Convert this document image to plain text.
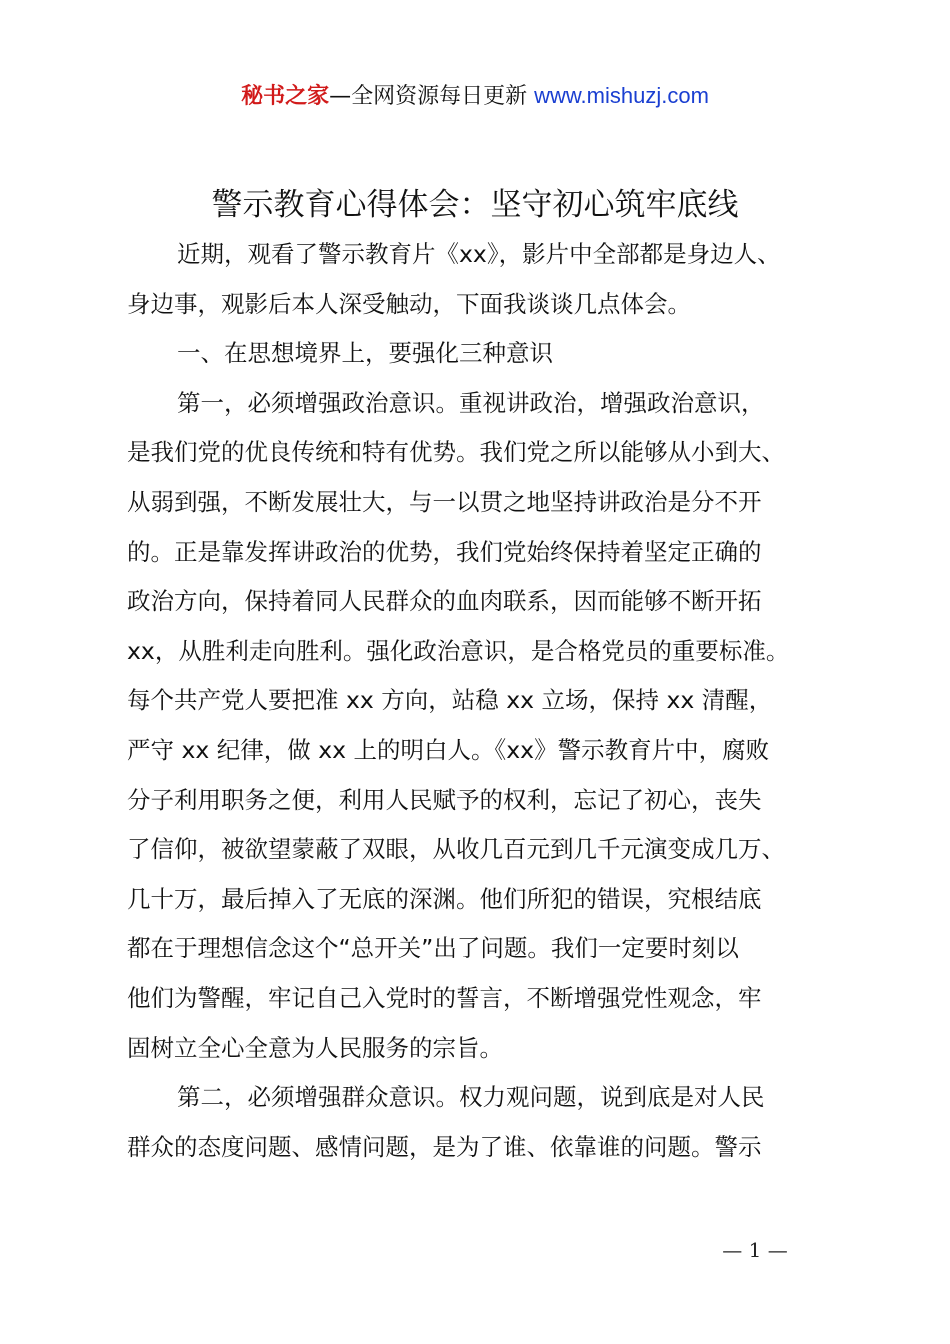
秘书之家—全网资源每日更新 www.mishuzj.com
警示教育心得体会：坚守初心筑牢底线
近期，观看了警示教育片《xx》，影片中全部都是身边人、
身边事，观影后本人深受触动，下面我谈谈几点体会。
一、在思想境界上，要强化三种意识
第一，必须增强政治意识。重视讲政治，增强政治意识，
是我们党的优良传统和特有优势。我们党之所以能够从小到大、
从弱到强，不断发展壮大，与一以贯之地坚持讲政治是分不开
的。正是靠发挥讲政治的优势，我们党始终保持着坚定正确的
政治方向，保持着同人民群众的血肉联系，因而能够不断开拓
xx，从胜利走向胜利。强化政治意识，是合格党员的重要标准。
每个共产党人要把准 xx 方向，站稳 xx 立场，保持 xx 清醒，
严守 xx 纪律，做 xx 上的明白人。《xx》警示教育片中，腐败
分子利用职务之便，利用人民赋予的权利，忘记了初心，丧失
了信仰，被欲望蒙蔽了双眼，从收几百元到几千元演变成几万、
几十万，最后掉入了无底的深渊。他们所犯的错误，究根结底
都在于理想信念这个“总开关”出了问题。我们一定要时刻以
他们为警醒，牢记自己入党时的誓言，不断增强党性观念，牢
固树立全心全意为人民服务的宗旨。
第二，必须增强群众意识。权力观问题，说到底是对人民
群众的态度问题、感情问题，是为了谁、依靠谁的问题。警示
— 1 —
